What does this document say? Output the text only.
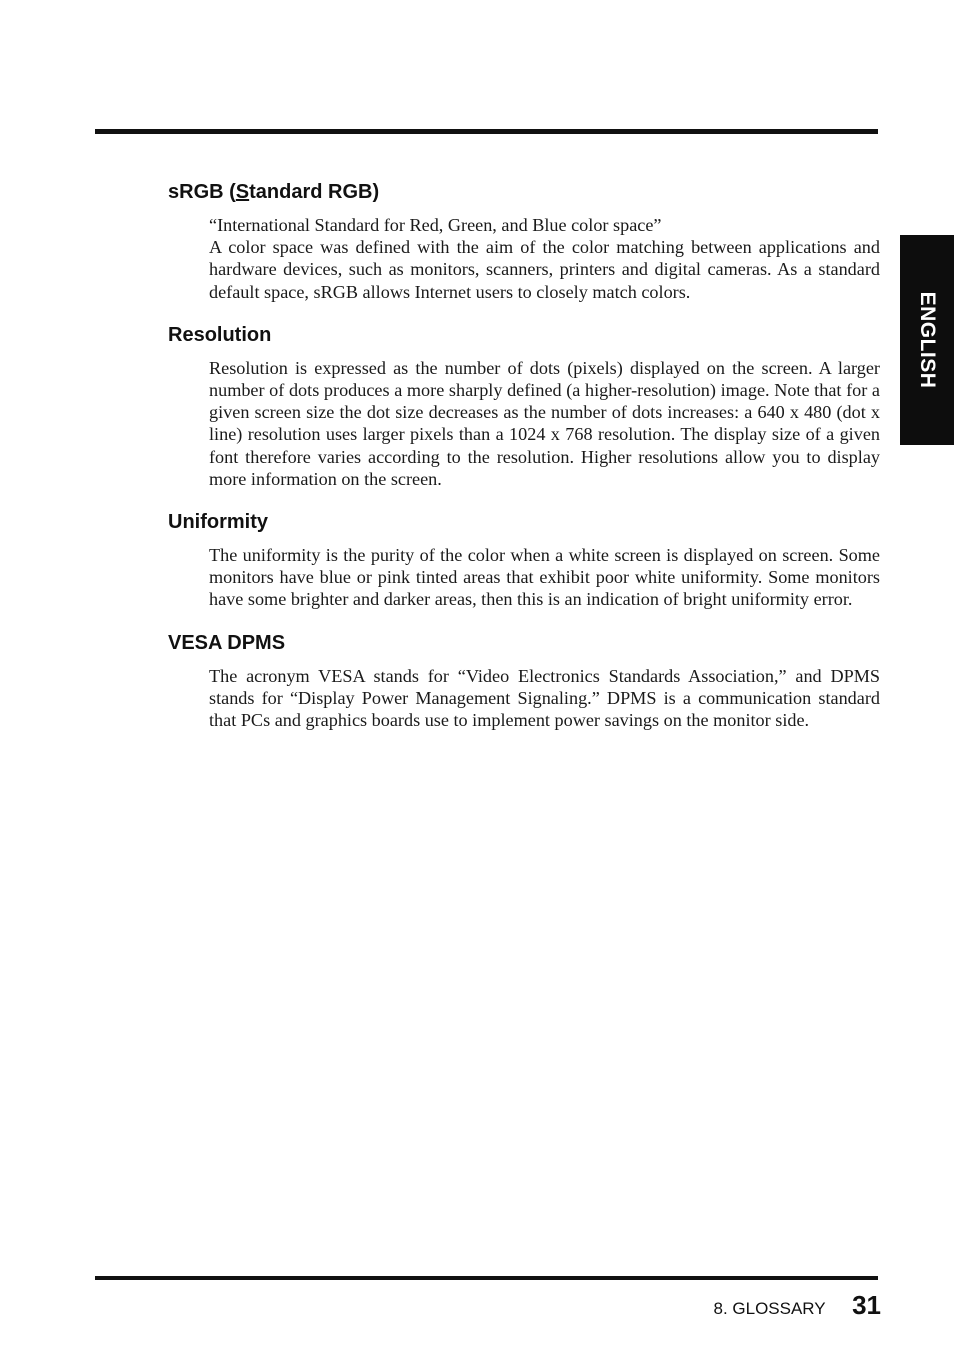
ENGLISH
sRGB (Standard RGB)

“International Standard for Red, Green, and Blue color space”

A color space was defined with the aim of the color matching between applications and hardware devices, such as monitors, scanners, printers and digital cameras. As a standard default space, sRGB allows Internet users to closely match colors.

Resolution

Resolution is expressed as the number of dots (pixels) displayed on the screen. A larger number of dots produces a more sharply defined (a higher-resolution) image. Note that for a given screen size the dot size decreases as the number of dots increases: a 640 x 480 (dot x line) resolution uses larger pixels than a 1024 x 768 resolution. The display size of a given font therefore varies according to the resolution. Higher resolutions allow you to display more information on the screen.

Uniformity

The uniformity is the purity of the color when a white screen is displayed on screen. Some monitors have blue or pink tinted areas that exhibit poor white uniformity. Some monitors have some brighter and darker areas, then this is an indication of bright uniformity error.

VESA DPMS

The acronym VESA stands for “Video Electronics Standards Association,” and DPMS stands for “Display Power Management Signaling.” DPMS is a communication standard that PCs and graphics boards use to implement power savings on the monitor side.

8. GLOSSARY 31
